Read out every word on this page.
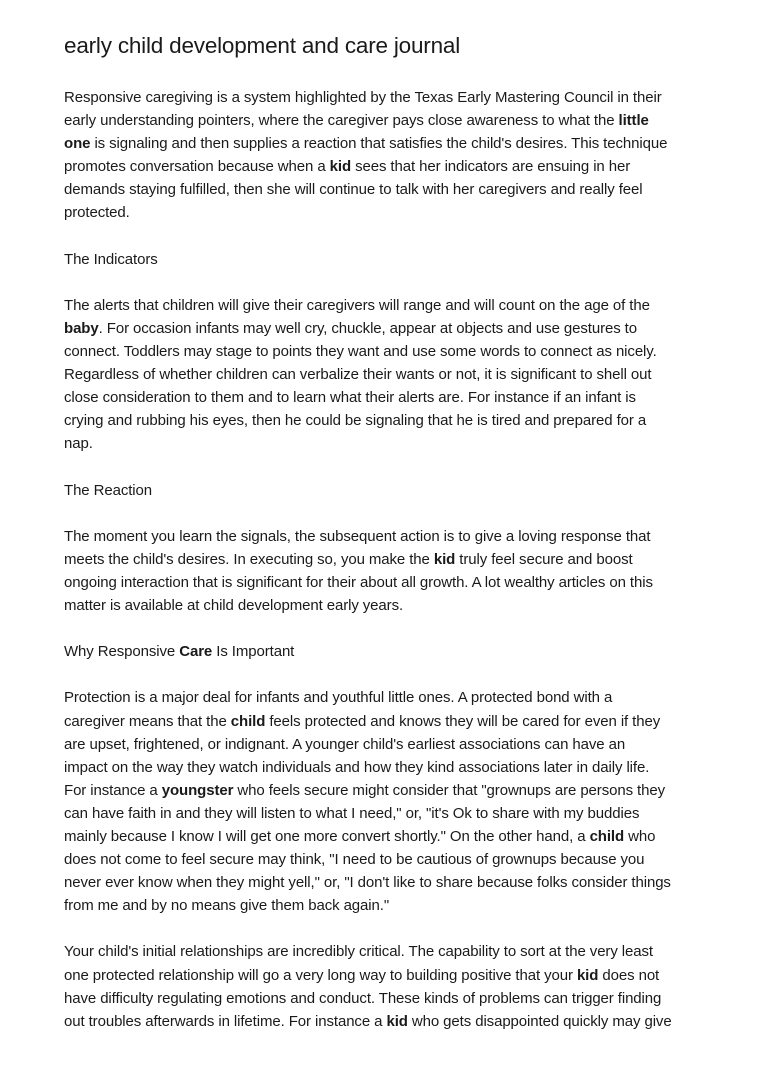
early child development and care journal
Responsive caregiving is a system highlighted by the Texas Early Mastering Council in their
early understanding pointers, where the caregiver pays close awareness to what the little
one is signaling and then supplies a reaction that satisfies the child's desires. This technique
promotes conversation because when a kid sees that her indicators are ensuing in her
demands staying fulfilled, then she will continue to talk with her caregivers and really feel
protected.
The Indicators
The alerts that children will give their caregivers will range and will count on the age of the
baby. For occasion infants may well cry, chuckle, appear at objects and use gestures to
connect. Toddlers may stage to points they want and use some words to connect as nicely.
Regardless of whether children can verbalize their wants or not, it is significant to shell out
close consideration to them and to learn what their alerts are. For instance if an infant is
crying and rubbing his eyes, then he could be signaling that he is tired and prepared for a
nap.
The Reaction
The moment you learn the signals, the subsequent action is to give a loving response that
meets the child's desires. In executing so, you make the kid truly feel secure and boost
ongoing interaction that is significant for their about all growth. A lot wealthy articles on this
matter is available at child development early years.
Why Responsive Care Is Important
Protection is a major deal for infants and youthful little ones. A protected bond with a
caregiver means that the child feels protected and knows they will be cared for even if they
are upset, frightened, or indignant. A younger child's earliest associations can have an
impact on the way they watch individuals and how they kind associations later in daily life.
For instance a youngster who feels secure might consider that "grownups are persons they
can have faith in and they will listen to what I need," or, "it's Ok to share with my buddies
mainly because I know I will get one more convert shortly." On the other hand, a child who
does not come to feel secure may think, "I need to be cautious of grownups because you
never ever know when they might yell," or, "I don't like to share because folks consider things
from me and by no means give them back again."
Your child's initial relationships are incredibly critical. The capability to sort at the very least
one protected relationship will go a very long way to building positive that your kid does not
have difficulty regulating emotions and conduct. These kinds of problems can trigger finding
out troubles afterwards in lifetime. For instance a kid who gets disappointed quickly may give
